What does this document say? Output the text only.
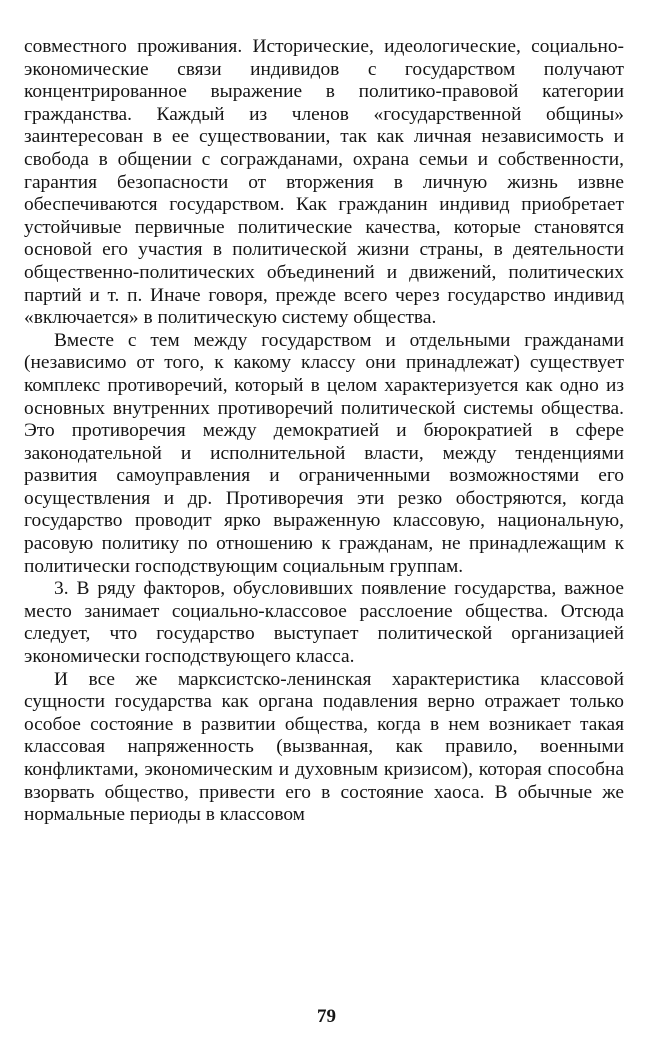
совместного проживания. Исторические, идеологические, социально-экономические связи индивидов с государством получают концентрированное выражение в политико-правовой категории гражданства. Каждый из членов «государственной общины» заинтересован в ее существовании, так как личная независимость и свобода в общении с согражданами, охрана семьи и собственности, гарантия безопасности от вторжения в личную жизнь извне обеспечиваются государством. Как гражданин индивид приобретает устойчивые первичные политические качества, которые становятся основой его участия в политической жизни страны, в деятельности общественно-политических объединений и движений, политических партий и т. п. Иначе говоря, прежде всего через государство индивид «включается» в политическую систему общества.

Вместе с тем между государством и отдельными гражданами (независимо от того, к какому классу они принадлежат) существует комплекс противоречий, который в целом характеризуется как одно из основных внутренних противоречий политической системы общества. Это противоречия между демократией и бюрократией в сфере законодательной и исполнительной власти, между тенденциями развития самоуправления и ограниченными возможностями его осуществления и др. Противоречия эти резко обостряются, когда государство проводит ярко выраженную классовую, национальную, расовую политику по отношению к гражданам, не принадлежащим к политически господствующим социальным группам.

3. В ряду факторов, обусловивших появление государства, важное место занимает социально-классовое расслоение общества. Отсюда следует, что государство выступает политической организацией экономически господствующего класса.

И все же марксистско-ленинская характеристика классовой сущности государства как органа подавления верно отражает только особое состояние в развитии общества, когда в нем возникает такая классовая напряженность (вызванная, как правило, военными конфликтами, экономическим и духовным кризисом), которая способна взорвать общество, привести его в состояние хаоса. В обычные же нормальные периоды в классовом

79
